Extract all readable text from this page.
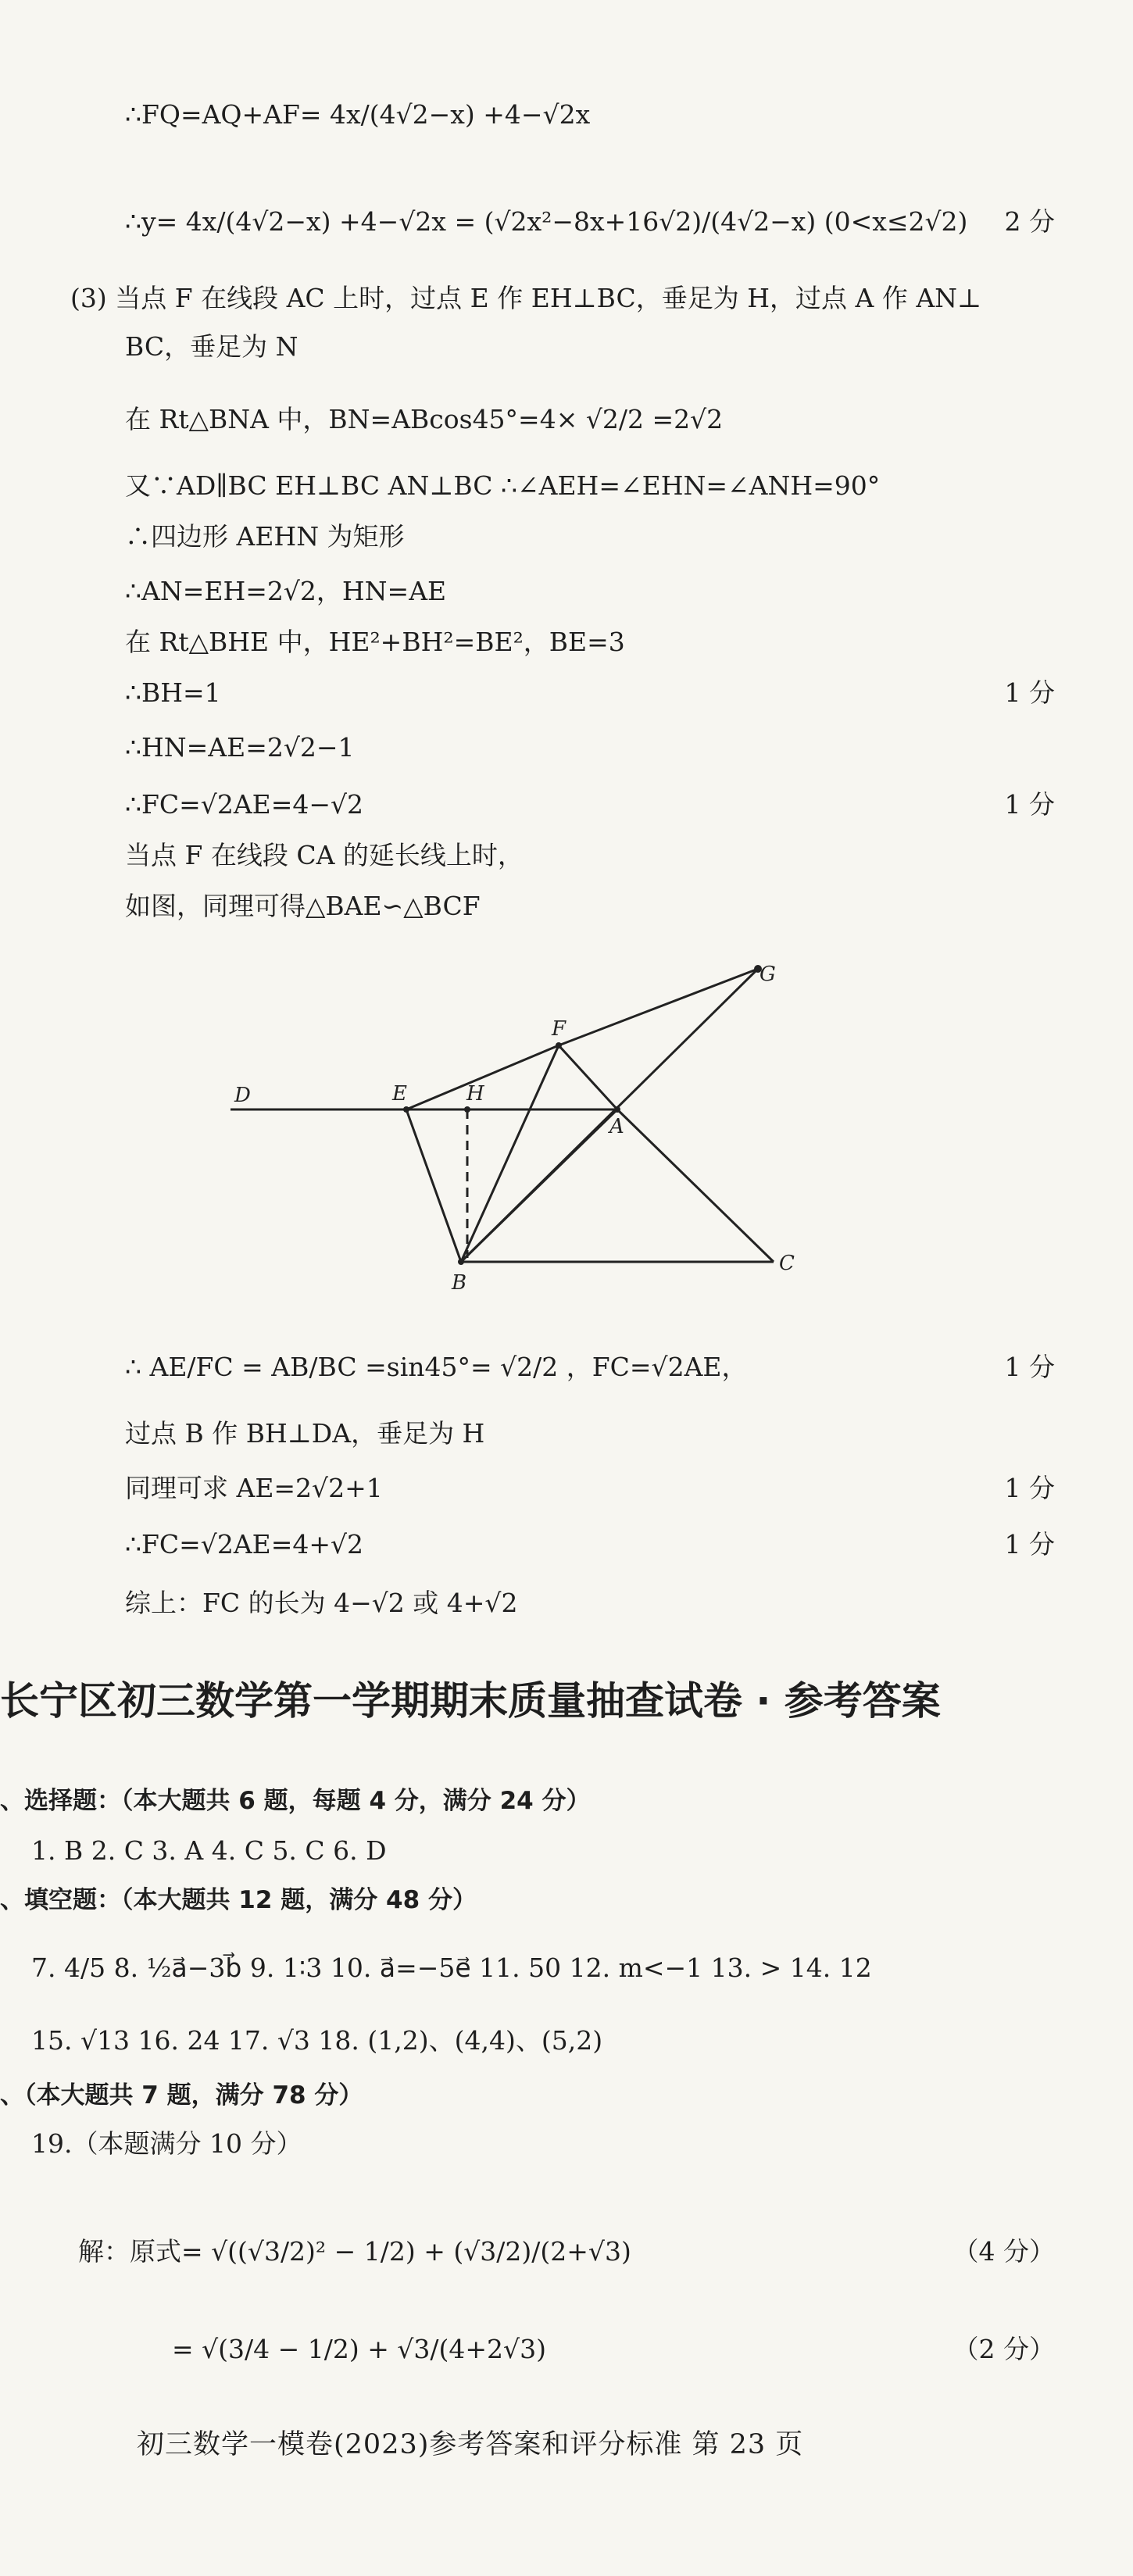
∴FQ=AQ+AF= 4x/(4√2−x) +4−√2x
∴y= 4x/(4√2−x) +4−√2x = (√2x²−8x+16√2)/(4√2−x) (0<x≤2√2) 2 分
(3) 当点 F 在线段 AC 上时，过点 E 作 EH⊥BC，垂足为 H，过点 A 作 AN⊥
BC，垂足为 N
在 Rt△BNA 中，BN=ABcos45°=4× √2/2 =2√2
又∵AD∥BC EH⊥BC AN⊥BC ∴∠AEH=∠EHN=∠ANH=90°
∴四边形 AEHN 为矩形
∴AN=EH=2√2，HN=AE
在 Rt△BHE 中，HE²+BH²=BE²，BE=3
∴BH=1	1 分
∴HN=AE=2√2−1
∴FC=√2AE=4−√2	1 分
当点 F 在线段 CA 的延长线上时，
如图，同理可得△BAE∽△BCF
D	E	H
F
G
A
B
C
∴ AE/FC = AB/BC =sin45°= √2/2 ，FC=√2AE，	1 分
过点 B 作 BH⊥DA，垂足为 H
同理可求 AE=2√2+1	1 分
∴FC=√2AE=4+√2	1 分
综上：FC 的长为 4−√2 或 4+√2
长宁区初三数学第一学期期末质量抽查试卷 · 参考答案
、选择题：（本大题共 6 题，每题 4 分，满分 24 分）
1. B 2. C 3. A 4. C 5. C 6. D
、填空题：（本大题共 12 题，满分 48 分）
7. 4/5 8. ½a⃗−3b⃗ 9. 1∶3 10. a⃗=−5e⃗ 11. 50 12. m<−1 13. > 14. 12
15. √13 16. 24 17. √3 18. (1,2)、(4,4)、(5,2)
、（本大题共 7 题，满分 78 分）
19.（本题满分 10 分）
解：原式= √((√3/2)² − 1/2) + (√3/2)/(2+√3)	（4 分）
= √(3/4 − 1/2) + √3/(4+2√3)	（2 分）
初三数学一模卷(2023)参考答案和评分标准 第 23 页
